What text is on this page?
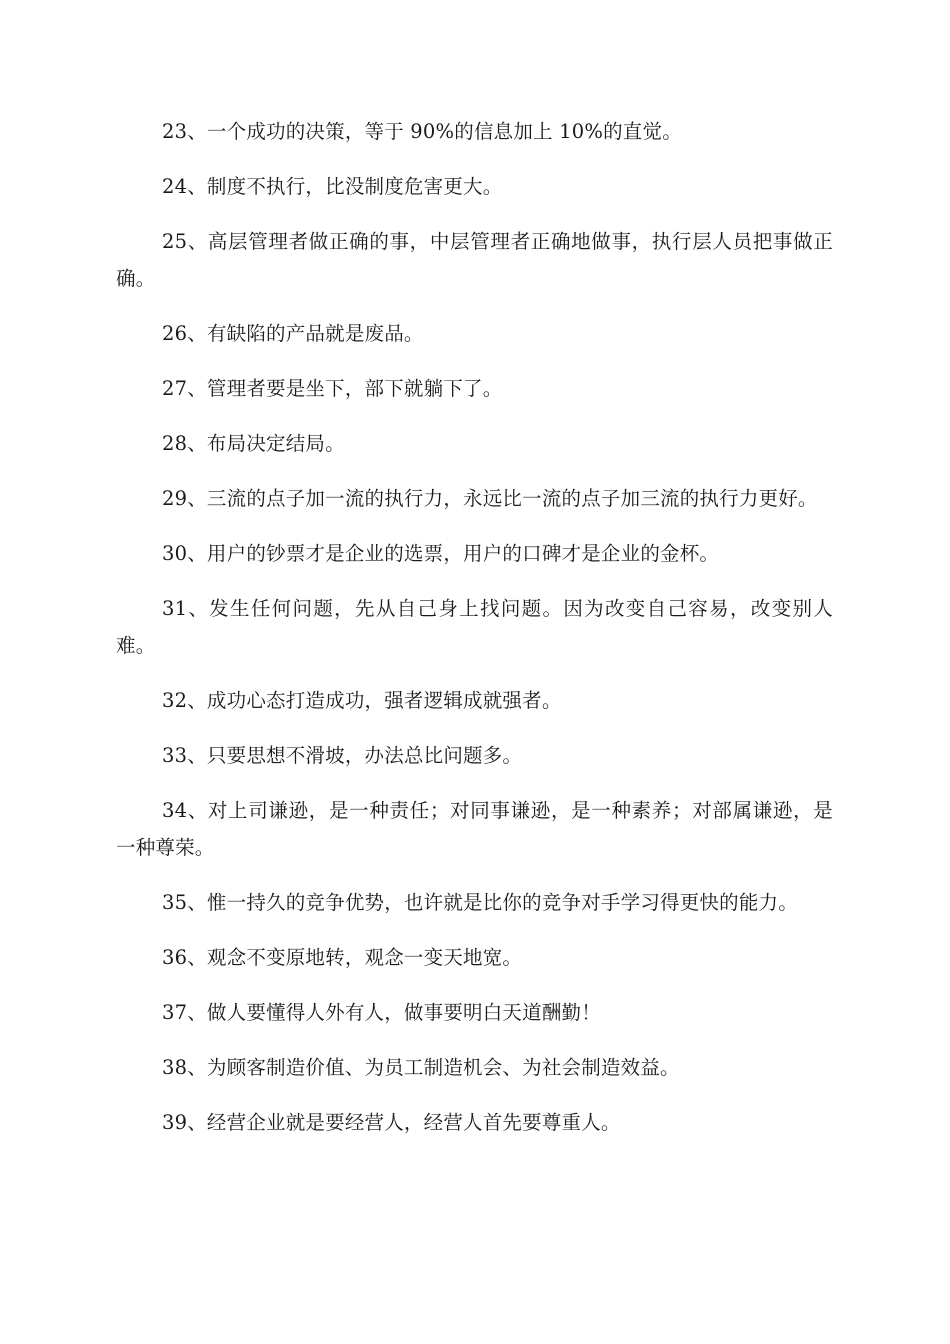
23、一个成功的决策，等于 90%的信息加上 10%的直觉。

24、制度不执行，比没制度危害更大。

25、高层管理者做正确的事，中层管理者正确地做事，执行层人员把事做正确。

26、有缺陷的产品就是废品。

27、管理者要是坐下，部下就躺下了。

28、布局决定结局。

29、三流的点子加一流的执行力，永远比一流的点子加三流的执行力更好。

30、用户的钞票才是企业的选票，用户的口碑才是企业的金杯。

31、发生任何问题，先从自己身上找问题。因为改变自己容易，改变别人难。

32、成功心态打造成功，强者逻辑成就强者。

33、只要思想不滑坡，办法总比问题多。

34、对上司谦逊，是一种责任；对同事谦逊，是一种素养；对部属谦逊，是一种尊荣。

35、惟一持久的竞争优势，也许就是比你的竞争对手学习得更快的能力。

36、观念不变原地转，观念一变天地宽。

37、做人要懂得人外有人，做事要明白天道酬勤！

38、为顾客制造价值、为员工制造机会、为社会制造效益。

39、经营企业就是要经营人，经营人首先要尊重人。
